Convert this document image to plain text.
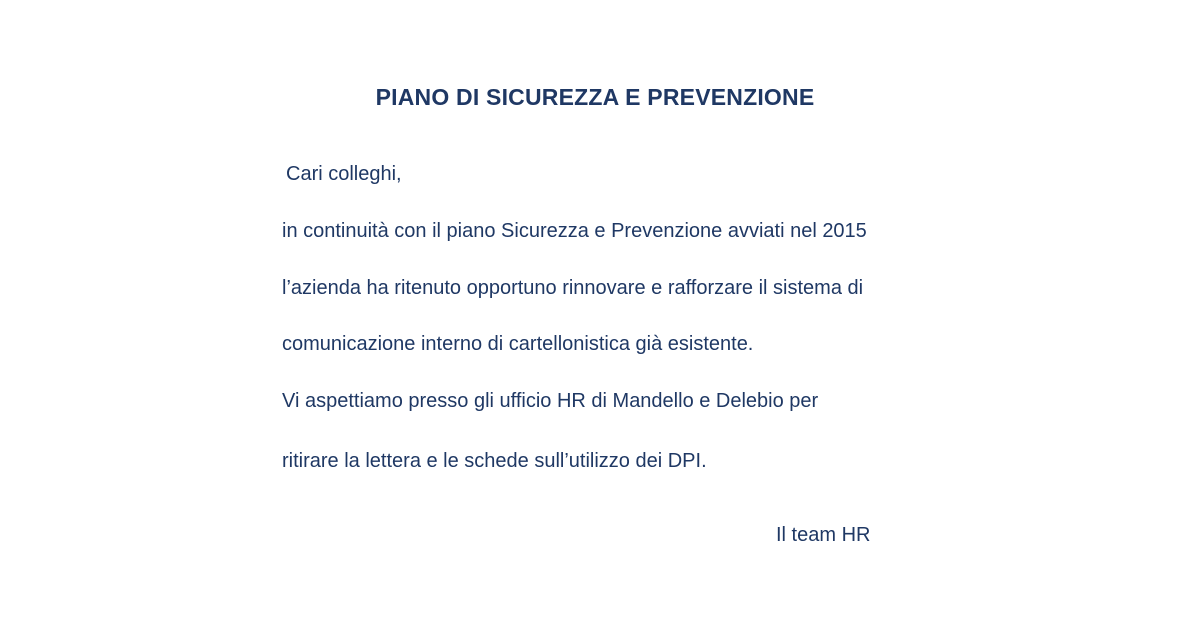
PIANO DI SICUREZZA E PREVENZIONE
Cari colleghi,
in continuità con il piano Sicurezza e Prevenzione avviati nel 2015
l’azienda ha ritenuto opportuno rinnovare e rafforzare il sistema di
comunicazione interno di cartellonistica già esistente.
Vi aspettiamo presso gli ufficio HR di Mandello e Delebio per
ritirare la lettera e le schede sull’utilizzo dei DPI.
Il team HR
